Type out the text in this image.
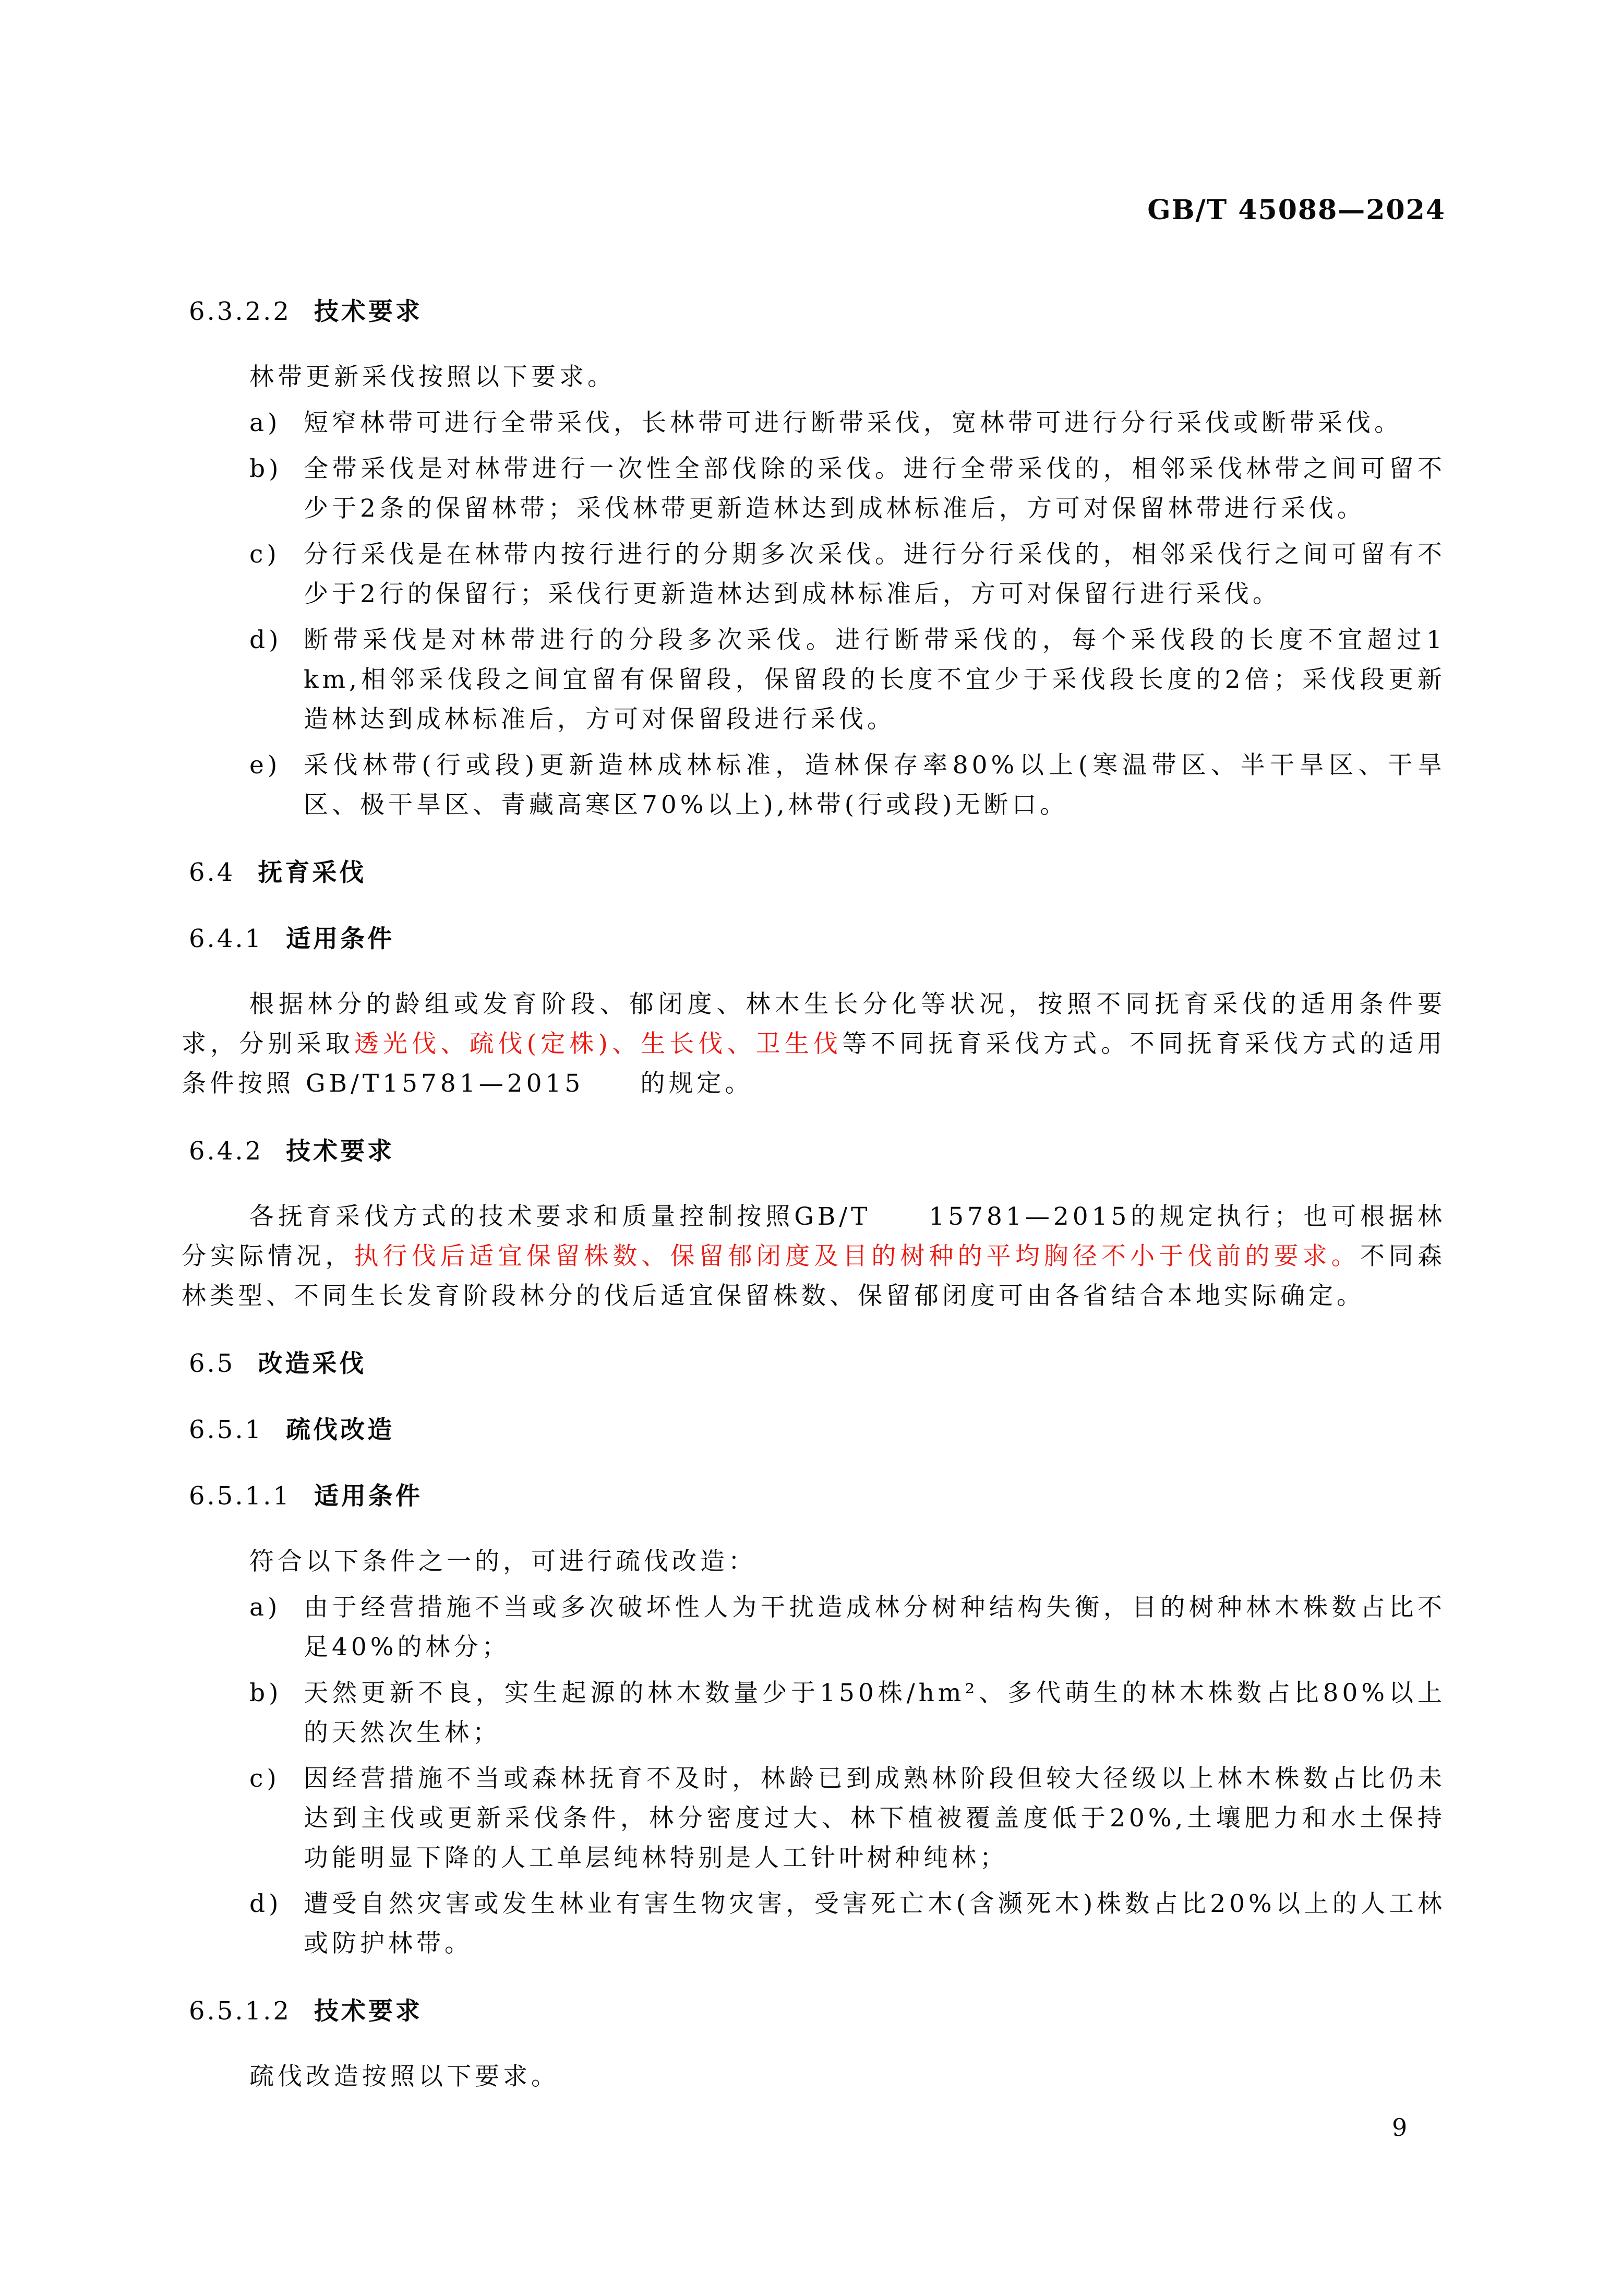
GB/T 45088—2024
6.3.2.2 技术要求
林带更新采伐按照以下要求。
a) 短窄林带可进行全带采伐，长林带可进行断带采伐，宽林带可进行分行采伐或断带采伐。
b) 全带采伐是对林带进行一次性全部伐除的采伐。进行全带采伐的，相邻采伐林带之间可留不少于2条的保留林带；采伐林带更新造林达到成林标准后，方可对保留林带进行采伐。
c) 分行采伐是在林带内按行进行的分期多次采伐。进行分行采伐的，相邻采伐行之间可留有不少于2行的保留行；采伐行更新造林达到成林标准后，方可对保留行进行采伐。
d) 断带采伐是对林带进行的分段多次采伐。进行断带采伐的，每个采伐段的长度不宜超过1 km,相邻采伐段之间宜留有保留段，保留段的长度不宜少于采伐段长度的2倍；采伐段更新造林达到成林标准后，方可对保留段进行采伐。
e) 采伐林带(行或段)更新造林成林标准，造林保存率80%以上(寒温带区、半干旱区、干旱区、极干旱区、青藏高寒区70%以上),林带(行或段)无断口。
6.4 抚育采伐
6.4.1 适用条件
根据林分的龄组或发育阶段、郁闭度、林木生长分化等状况，按照不同抚育采伐的适用条件要求，分别采取透光伐、疏伐(定株)、生长伐、卫生伐等不同抚育采伐方式。不同抚育采伐方式的适用条件按照 GB/T15781—2015　　的规定。
6.4.2 技术要求
各抚育采伐方式的技术要求和质量控制按照GB/T　　15781—2015的规定执行；也可根据林分实际情况，执行伐后适宜保留株数、保留郁闭度及目的树种的平均胸径不小于伐前的要求。不同森林类型、不同生长发育阶段林分的伐后适宜保留株数、保留郁闭度可由各省结合本地实际确定。
6.5 改造采伐
6.5.1 疏伐改造
6.5.1.1 适用条件
符合以下条件之一的，可进行疏伐改造：
a) 由于经营措施不当或多次破坏性人为干扰造成林分树种结构失衡，目的树种林木株数占比不足40%的林分；
b) 天然更新不良，实生起源的林木数量少于150株/hm²、多代萌生的林木株数占比80%以上的天然次生林；
c) 因经营措施不当或森林抚育不及时，林龄已到成熟林阶段但较大径级以上林木株数占比仍未达到主伐或更新采伐条件，林分密度过大、林下植被覆盖度低于20%,土壤肥力和水土保持功能明显下降的人工单层纯林特别是人工针叶树种纯林；
d) 遭受自然灾害或发生林业有害生物灾害，受害死亡木(含濒死木)株数占比20%以上的人工林或防护林带。
6.5.1.2 技术要求
疏伐改造按照以下要求。
9
